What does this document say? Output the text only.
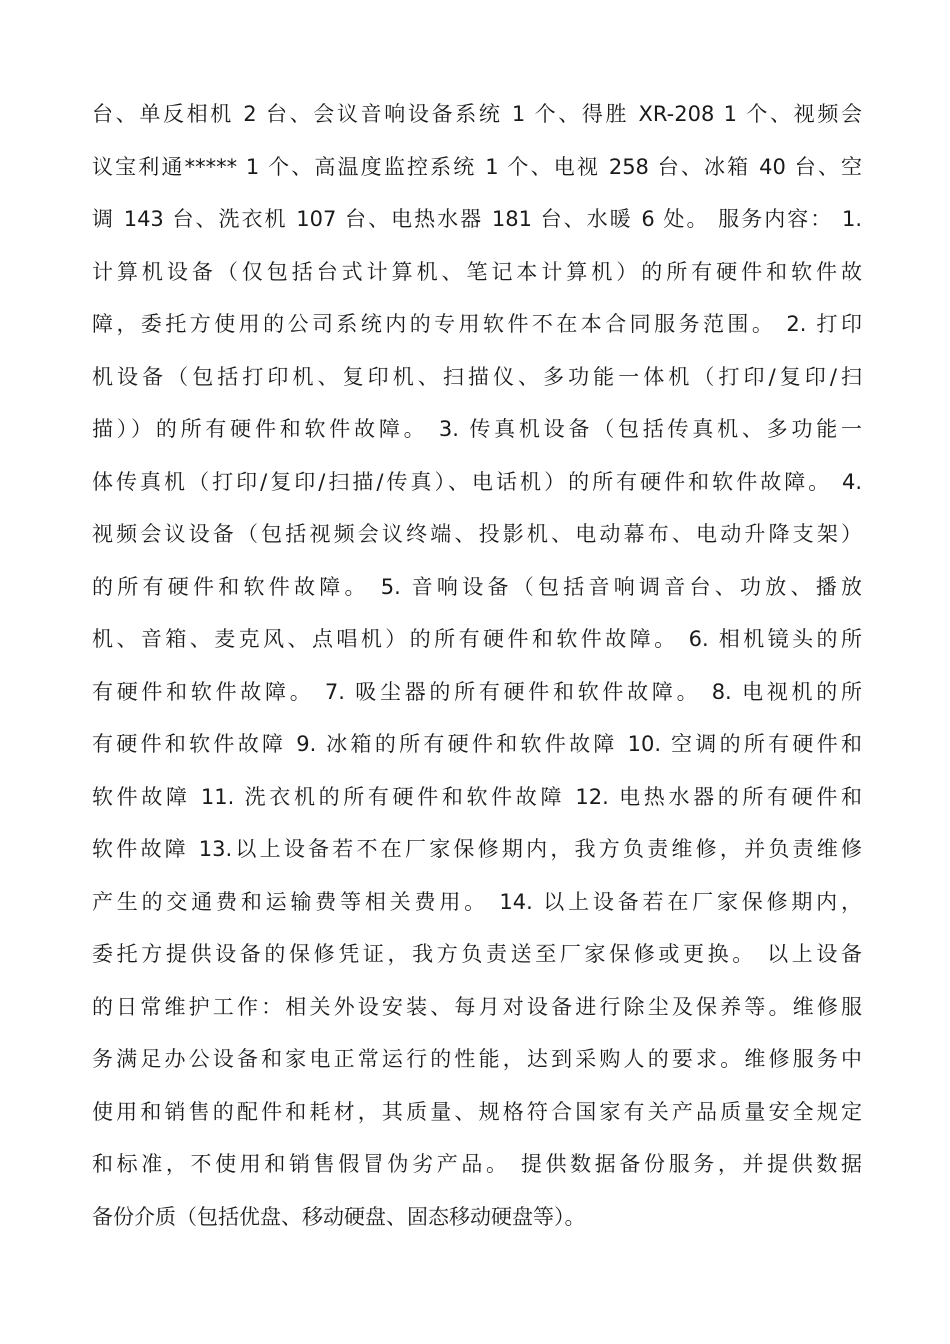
台、单反相机 2 台、会议音响设备系统 1 个、得胜 XR-208 1 个、视频会
议宝利通***** 1 个、高温度监控系统 1 个、电视 258 台、冰箱 40 台、空
调 143 台、洗衣机 107 台、电热水器 181 台、水暖 6 处。 服务内容： 1.
计算机设备（仅包括台式计算机、笔记本计算机）的所有硬件和软件故
障，委托方使用的公司系统内的专用软件不在本合同服务范围。 2. 打印
机设备（包括打印机、复印机、扫描仪、多功能一体机（打印/复印/扫
描））的所有硬件和软件故障。 3. 传真机设备（包括传真机、多功能一
体传真机（打印/复印/扫描/传真）、电话机）的所有硬件和软件故障。 4.
视频会议设备（包括视频会议终端、投影机、电动幕布、电动升降支架）
的所有硬件和软件故障。 5. 音响设备（包括音响调音台、功放、播放
机、音箱、麦克风、点唱机）的所有硬件和软件故障。 6. 相机镜头的所
有硬件和软件故障。 7. 吸尘器的所有硬件和软件故障。 8. 电视机的所
有硬件和软件故障 9. 冰箱的所有硬件和软件故障 10. 空调的所有硬件和
软件故障 11. 洗衣机的所有硬件和软件故障 12. 电热水器的所有硬件和
软件故障 13.以上设备若不在厂家保修期内，我方负责维修，并负责维修
产生的交通费和运输费等相关费用。 14. 以上设备若在厂家保修期内，
委托方提供设备的保修凭证，我方负责送至厂家保修或更换。 以上设备
的日常维护工作：相关外设安装、每月对设备进行除尘及保养等。维修服
务满足办公设备和家电正常运行的性能，达到采购人的要求。维修服务中
使用和销售的配件和耗材，其质量、规格符合国家有关产品质量安全规定
和标准，不使用和销售假冒伪劣产品。 提供数据备份服务，并提供数据
备份介质（包括优盘、移动硬盘、固态移动硬盘等）。
